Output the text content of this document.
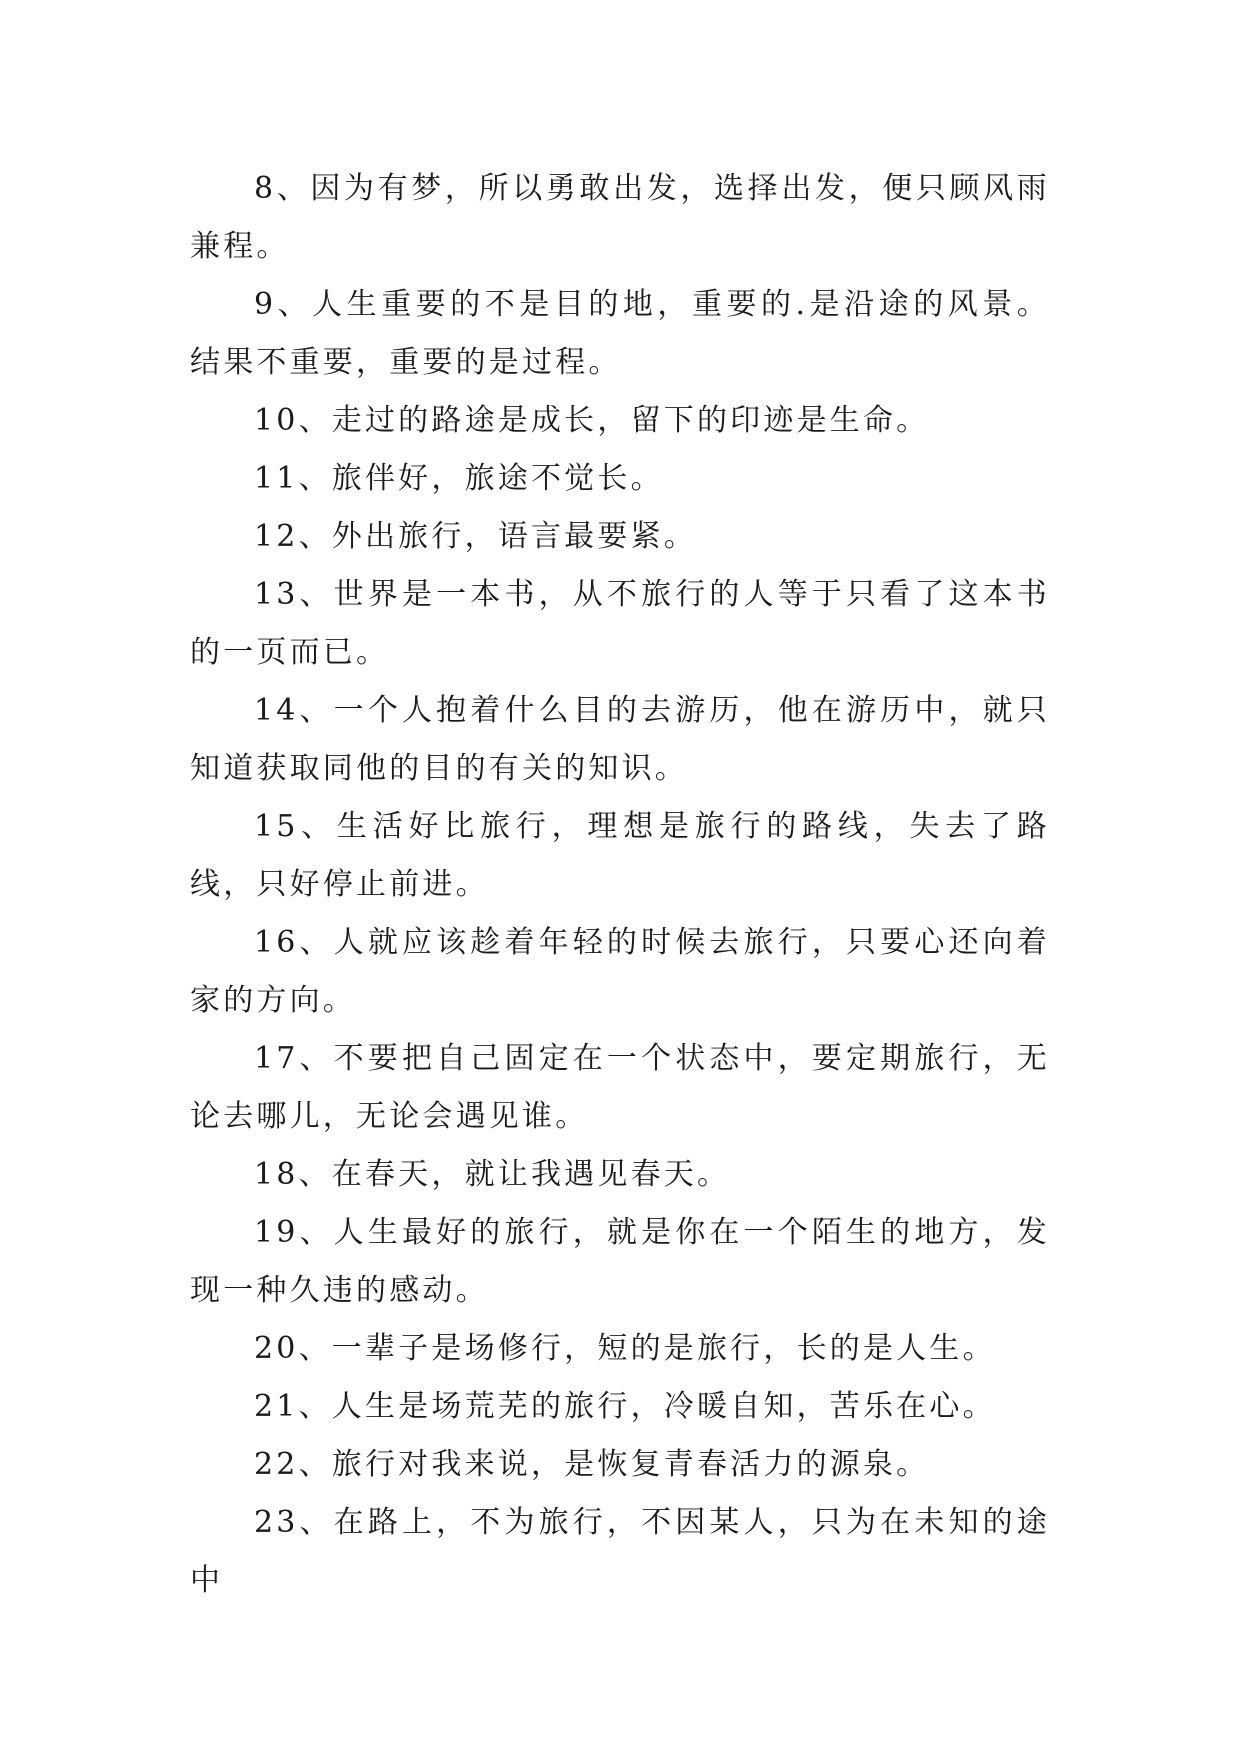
8、因为有梦，所以勇敢出发，选择出发，便只顾风雨兼程。

9、人生重要的不是目的地，重要的.是沿途的风景。结果不重要，重要的是过程。

10、走过的路途是成长，留下的印迹是生命。

11、旅伴好，旅途不觉长。

12、外出旅行，语言最要紧。

13、世界是一本书，从不旅行的人等于只看了这本书的一页而已。

14、一个人抱着什么目的去游历，他在游历中，就只知道获取同他的目的有关的知识。

15、生活好比旅行，理想是旅行的路线，失去了路线，只好停止前进。

16、人就应该趁着年轻的时候去旅行，只要心还向着家的方向。

17、不要把自己固定在一个状态中，要定期旅行，无论去哪儿，无论会遇见谁。

18、在春天，就让我遇见春天。

19、人生最好的旅行，就是你在一个陌生的地方，发现一种久违的感动。

20、一辈子是场修行，短的是旅行，长的是人生。

21、人生是场荒芜的旅行，冷暖自知，苦乐在心。

22、旅行对我来说，是恢复青春活力的源泉。

23、在路上，不为旅行，不因某人，只为在未知的途中
